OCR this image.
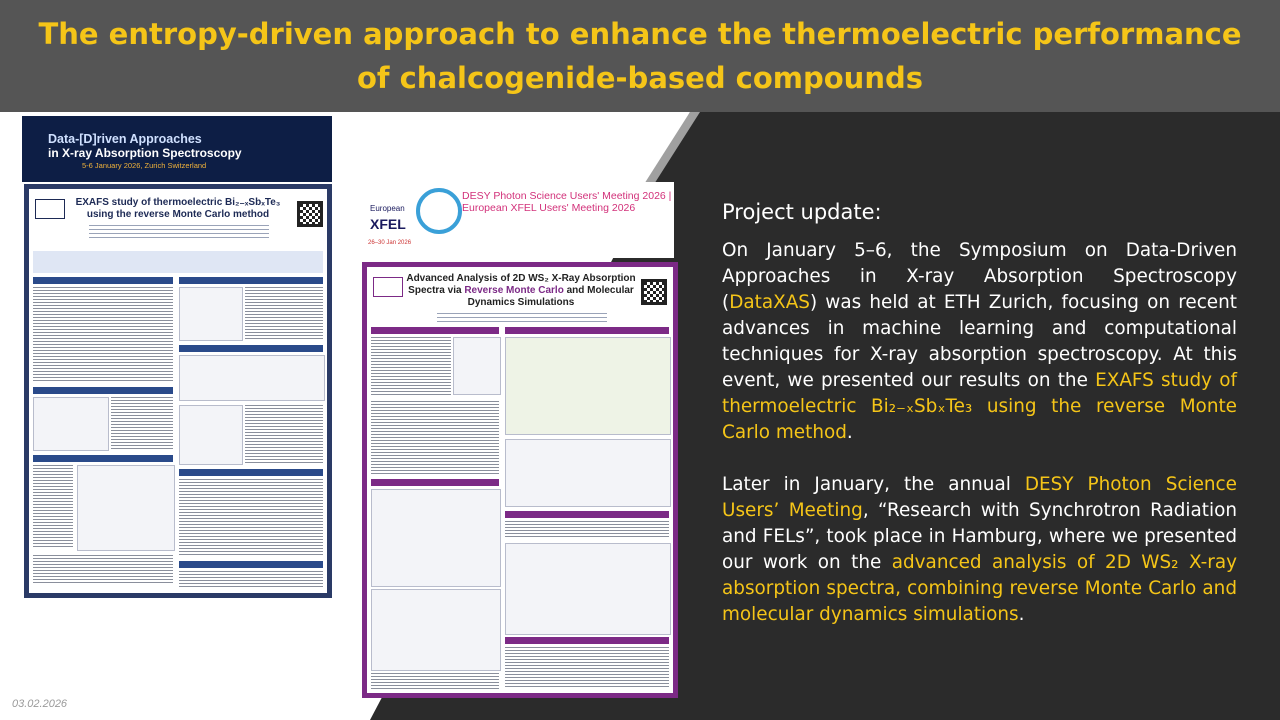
The entropy-driven approach to enhance the thermoelectric performance of chalcogenide-based compounds
Data-[D]riven Approaches
in X-ray Absorption Spectroscopy
5-6 January 2026, Zurich Switzerland
EXAFS study of thermoelectric Bi₂₋ₓSbₓTe₃ using the reverse Monte Carlo method
European
XFEL
DESY Photon Science Users' Meeting 2026 | European XFEL Users' Meeting 2026
26–30 Jan 2026
Advanced Analysis of 2D WS₂ X-Ray Absorption Spectra via Reverse Monte Carlo and Molecular Dynamics Simulations
Project update:

On January 5–6, the Symposium on Data-Driven Approaches in X-ray Absorption Spectroscopy (DataXAS) was held at ETH Zurich, focusing on recent advances in machine learning and computational techniques for X-ray absorption spectroscopy. At this event, we presented our results on the EXAFS study of thermoelectric Bi₂₋ₓSbₓTe₃ using the reverse Monte Carlo method.

Later in January, the annual DESY Photon Science Users’ Meeting, “Research with Synchrotron Radiation and FELs”, took place in Hamburg, where we presented our work on the advanced analysis of 2D WS₂ X-ray absorption spectra, combining reverse Monte Carlo and molecular dynamics simulations.

03.02.2026
